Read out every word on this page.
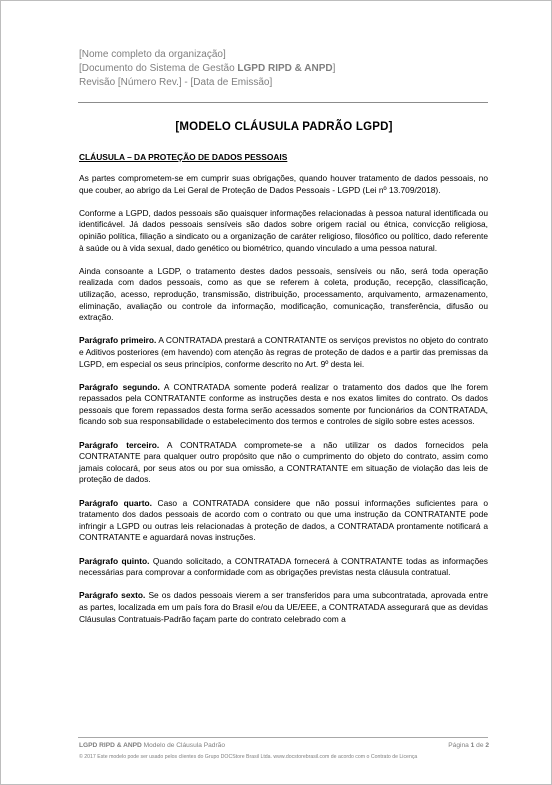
[Nome completo da organização]
[Documento do Sistema de Gestão LGPD RIPD & ANPD]
Revisão [Número Rev.] - [Data de Emissão]
[MODELO CLÁUSULA PADRÃO LGPD]
CLÁUSULA – DA PROTEÇÃO DE DADOS PESSOAIS

As partes comprometem-se em cumprir suas obrigações, quando houver tratamento de dados pessoais, no que couber, ao abrigo da Lei Geral de Proteção de Dados Pessoais - LGPD (Lei nº 13.709/2018).

Conforme a LGPD, dados pessoais são quaisquer informações relacionadas à pessoa natural identificada ou identificável. Já dados pessoais sensíveis são dados sobre origem racial ou étnica, convicção religiosa, opinião política, filiação a sindicato ou a organização de caráter religioso, filosófico ou político, dado referente à saúde ou à vida sexual, dado genético ou biométrico, quando vinculado a uma pessoa natural.

Ainda consoante a LGDP, o tratamento destes dados pessoais, sensíveis ou não, será toda operação realizada com dados pessoais, como as que se referem à coleta, produção, recepção, classificação, utilização, acesso, reprodução, transmissão, distribuição, processamento, arquivamento, armazenamento, eliminação, avaliação ou controle da informação, modificação, comunicação, transferência, difusão ou extração.

Parágrafo primeiro. A CONTRATADA prestará a CONTRATANTE os serviços previstos no objeto do contrato e Aditivos posteriores (em havendo) com atenção às regras de proteção de dados e a partir das premissas da LGPD, em especial os seus princípios, conforme descrito no Art. 9º desta lei.

Parágrafo segundo. A CONTRATADA somente poderá realizar o tratamento dos dados que lhe forem repassados pela CONTRATANTE conforme as instruções desta e nos exatos limites do contrato. Os dados pessoais que forem repassados desta forma serão acessados somente por funcionários da CONTRATADA, ficando sob sua responsabilidade o estabelecimento dos termos e controles de sigilo sobre estes acessos.

Parágrafo terceiro. A CONTRATADA compromete-se a não utilizar os dados fornecidos pela CONTRATANTE para qualquer outro propósito que não o cumprimento do objeto do contrato, assim como jamais colocará, por seus atos ou por sua omissão, a CONTRATANTE em situação de violação das leis de proteção de dados.

Parágrafo quarto. Caso a CONTRATADA considere que não possui informações suficientes para o tratamento dos dados pessoais de acordo com o contrato ou que uma instrução da CONTRATANTE pode infringir a LGPD ou outras leis relacionadas à proteção de dados, a CONTRATADA prontamente notificará a CONTRATANTE e aguardará novas instruções.

Parágrafo quinto. Quando solicitado, a CONTRATADA fornecerá à CONTRATANTE todas as informações necessárias para comprovar a conformidade com as obrigações previstas nesta cláusula contratual.

Parágrafo sexto. Se os dados pessoais vierem a ser transferidos para uma subcontratada, aprovada entre as partes, localizada em um país fora do Brasil e/ou da UE/EEE, a CONTRATADA assegurará que as devidas Cláusulas Contratuais-Padrão façam parte do contrato celebrado com a

LGPD RIPD & ANPD Modelo de Cláusula Padrão	Página 1 de 2
© 2017 Este modelo pode ser usado pelos clientes do Grupo DOCStore Brasil Ltda. www.docstorebrasil.com de acordo com o Contrato de Licença
